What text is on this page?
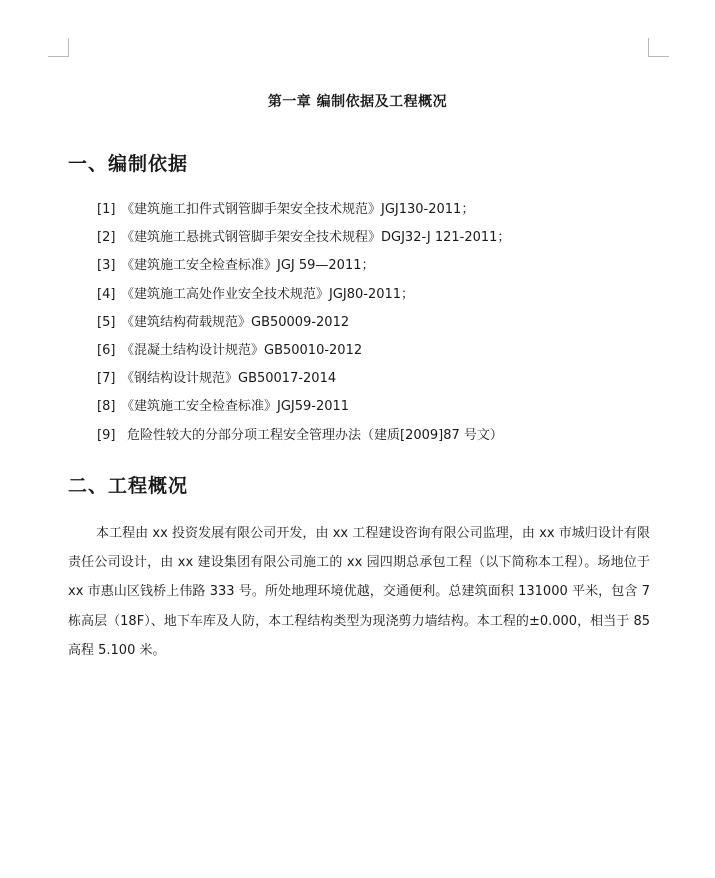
第一章 编制依据及工程概况
一、编制依据
[1] 《建筑施工扣件式钢管脚手架安全技术规范》JGJ130-2011；
[2] 《建筑施工悬挑式钢管脚手架安全技术规程》DGJ32-J 121-2011；
[3] 《建筑施工安全检查标准》JGJ 59—2011；
[4] 《建筑施工高处作业安全技术规范》JGJ80-2011；
[5] 《建筑结构荷载规范》GB50009-2012
[6] 《混凝土结构设计规范》GB50010-2012
[7] 《钢结构设计规范》GB50017-2014
[8] 《建筑施工安全检查标准》JGJ59-2011
[9] 危险性较大的分部分项工程安全管理办法（建质[2009]87 号文）
二、工程概况

本工程由 xx 投资发展有限公司开发，由 xx 工程建设咨询有限公司监理，由 xx 市城归设计有限责任公司设计，由 xx 建设集团有限公司施工的 xx 园四期总承包工程（以下简称本工程）。场地位于 xx 市惠山区钱桥上伟路 333 号。所处地理环境优越，交通便利。总建筑面积 131000 平米，包含 7 栋高层（18F）、地下车库及人防，本工程结构类型为现浇剪力墙结构。本工程的±0.000，相当于 85 高程 5.100 米。
